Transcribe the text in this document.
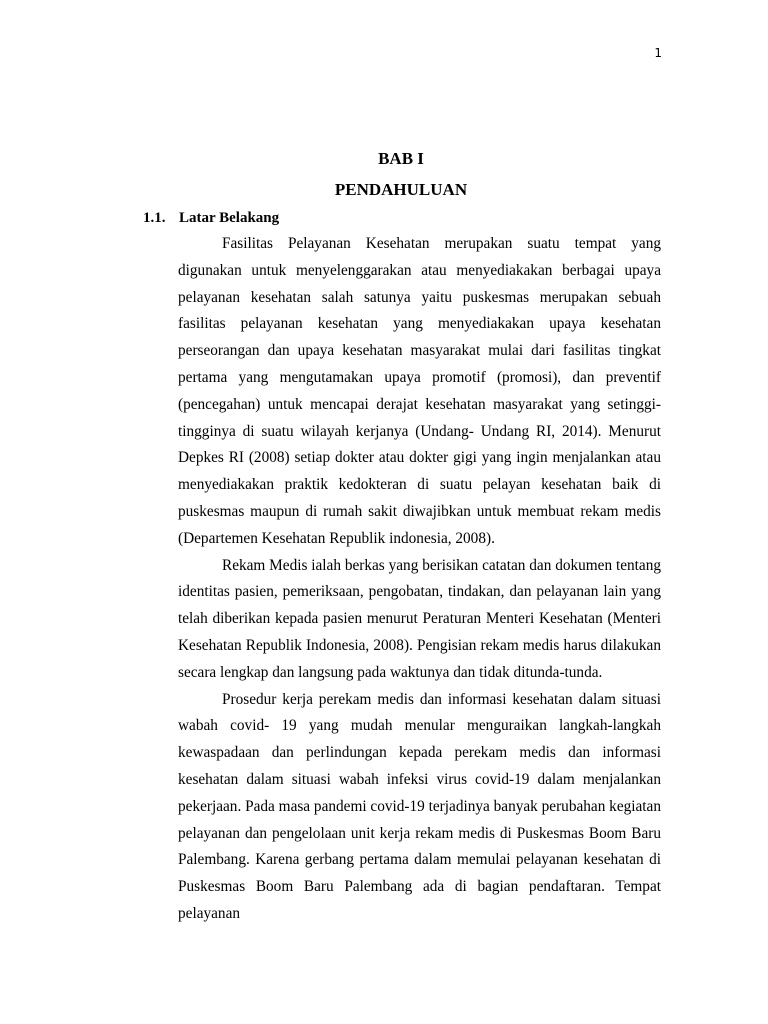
1
BAB I
PENDAHULUAN
1.1. Latar Belakang

Fasilitas Pelayanan Kesehatan merupakan suatu tempat yang digunakan untuk menyelenggarakan atau menyediakakan berbagai upaya pelayanan kesehatan salah satunya yaitu puskesmas merupakan sebuah fasilitas pelayanan kesehatan yang menyediakakan upaya kesehatan perseorangan dan upaya kesehatan masyarakat mulai dari fasilitas tingkat pertama yang mengutamakan upaya promotif (promosi), dan preventif (pencegahan) untuk mencapai derajat kesehatan masyarakat yang setinggi- tingginya di suatu wilayah kerjanya (Undang- Undang RI, 2014). Menurut Depkes RI (2008) setiap dokter atau dokter gigi yang ingin menjalankan atau menyediakakan praktik kedokteran di suatu pelayan kesehatan baik di puskesmas maupun di rumah sakit diwajibkan untuk membuat rekam medis (Departemen Kesehatan Republik indonesia, 2008).

Rekam Medis ialah berkas yang berisikan catatan dan dokumen tentang identitas pasien, pemeriksaan, pengobatan, tindakan, dan pelayanan lain yang telah diberikan kepada pasien menurut Peraturan Menteri Kesehatan (Menteri Kesehatan Republik Indonesia, 2008). Pengisian rekam medis harus dilakukan secara lengkap dan langsung pada waktunya dan tidak ditunda-tunda.

Prosedur kerja perekam medis dan informasi kesehatan dalam situasi wabah covid- 19 yang mudah menular menguraikan langkah-langkah kewaspadaan dan perlindungan kepada perekam medis dan informasi kesehatan dalam situasi wabah infeksi virus covid-19 dalam menjalankan pekerjaan. Pada masa pandemi covid-19 terjadinya banyak perubahan kegiatan pelayanan dan pengelolaan unit kerja rekam medis di Puskesmas Boom Baru Palembang. Karena gerbang pertama dalam memulai pelayanan kesehatan di Puskesmas Boom Baru Palembang ada di bagian pendaftaran. Tempat pelayanan
